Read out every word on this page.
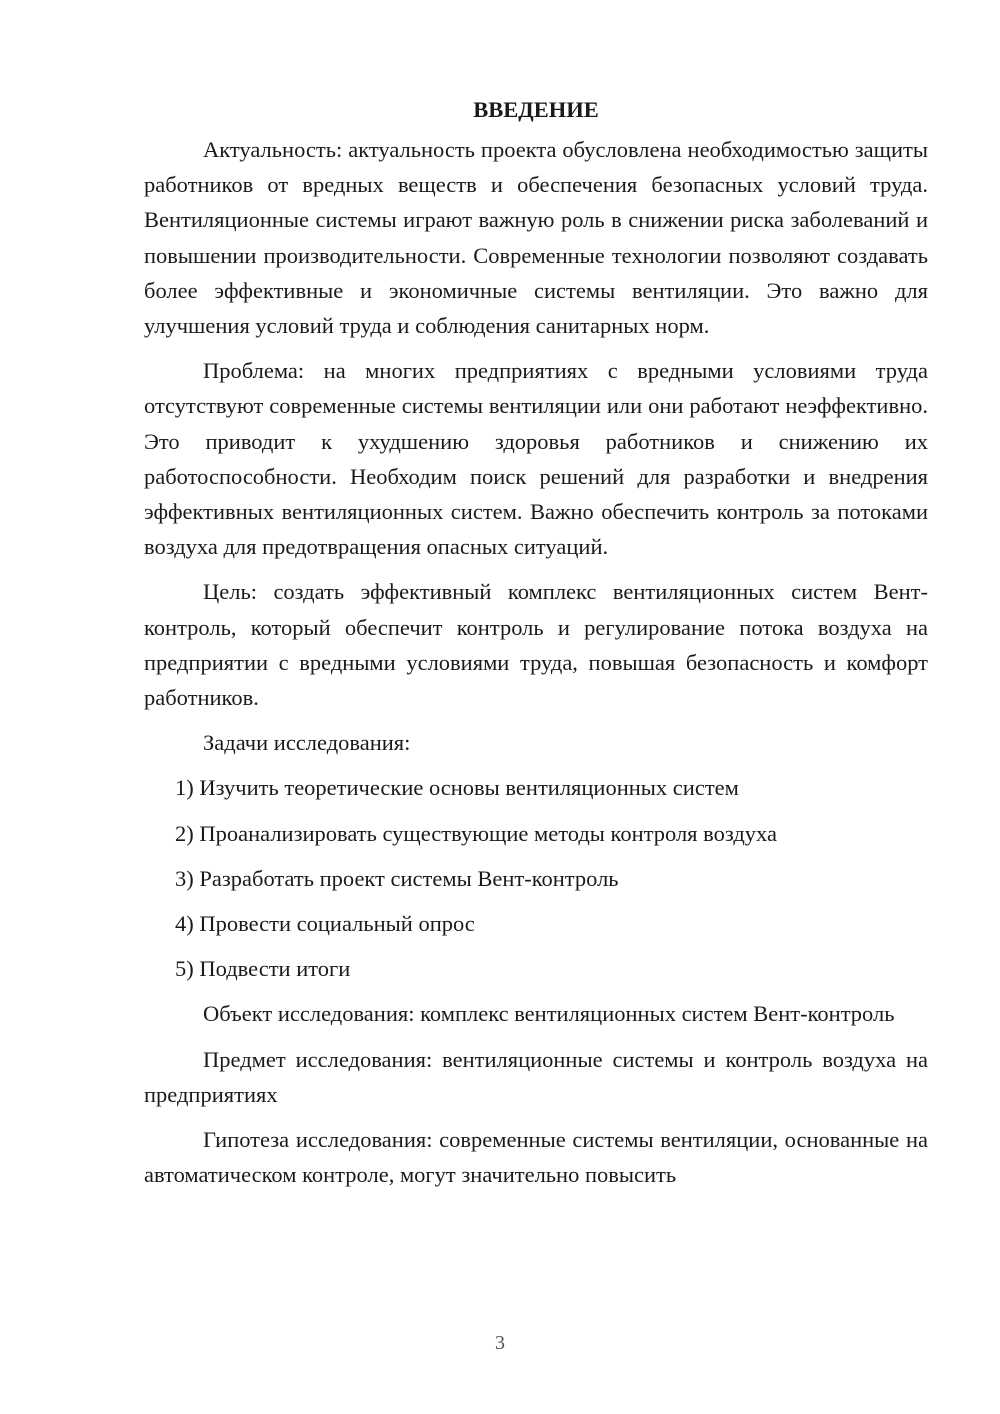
ВВЕДЕНИЕ

Актуальность: актуальность проекта обусловлена необходимостью защиты работников от вредных веществ и обеспечения безопасных условий труда. Вентиляционные системы играют важную роль в снижении риска заболеваний и повышении производительности. Современные технологии позволяют создавать более эффективные и экономичные системы вентиляции. Это важно для улучшения условий труда и соблюдения санитарных норм.

Проблема: на многих предприятиях с вредными условиями труда отсутствуют современные системы вентиляции или они работают неэффективно. Это приводит к ухудшению здоровья работников и снижению их работоспособности. Необходим поиск решений для разработки и внедрения эффективных вентиляционных систем. Важно обеспечить контроль за потоками воздуха для предотвращения опасных ситуаций.

Цель: создать эффективный комплекс вентиляционных систем Вент-контроль, который обеспечит контроль и регулирование потока воздуха на предприятии с вредными условиями труда, повышая безопасность и комфорт работников.

Задачи исследования:

1) Изучить теоретические основы вентиляционных систем
2) Проанализировать существующие методы контроля воздуха
3) Разработать проект системы Вент-контроль
4) Провести социальный опрос
5) Подвести итоги

Объект исследования: комплекс вентиляционных систем Вент-контроль

Предмет исследования: вентиляционные системы и контроль воздуха на предприятиях

Гипотеза исследования: современные системы вентиляции, основанные на автоматическом контроле, могут значительно повысить

3
